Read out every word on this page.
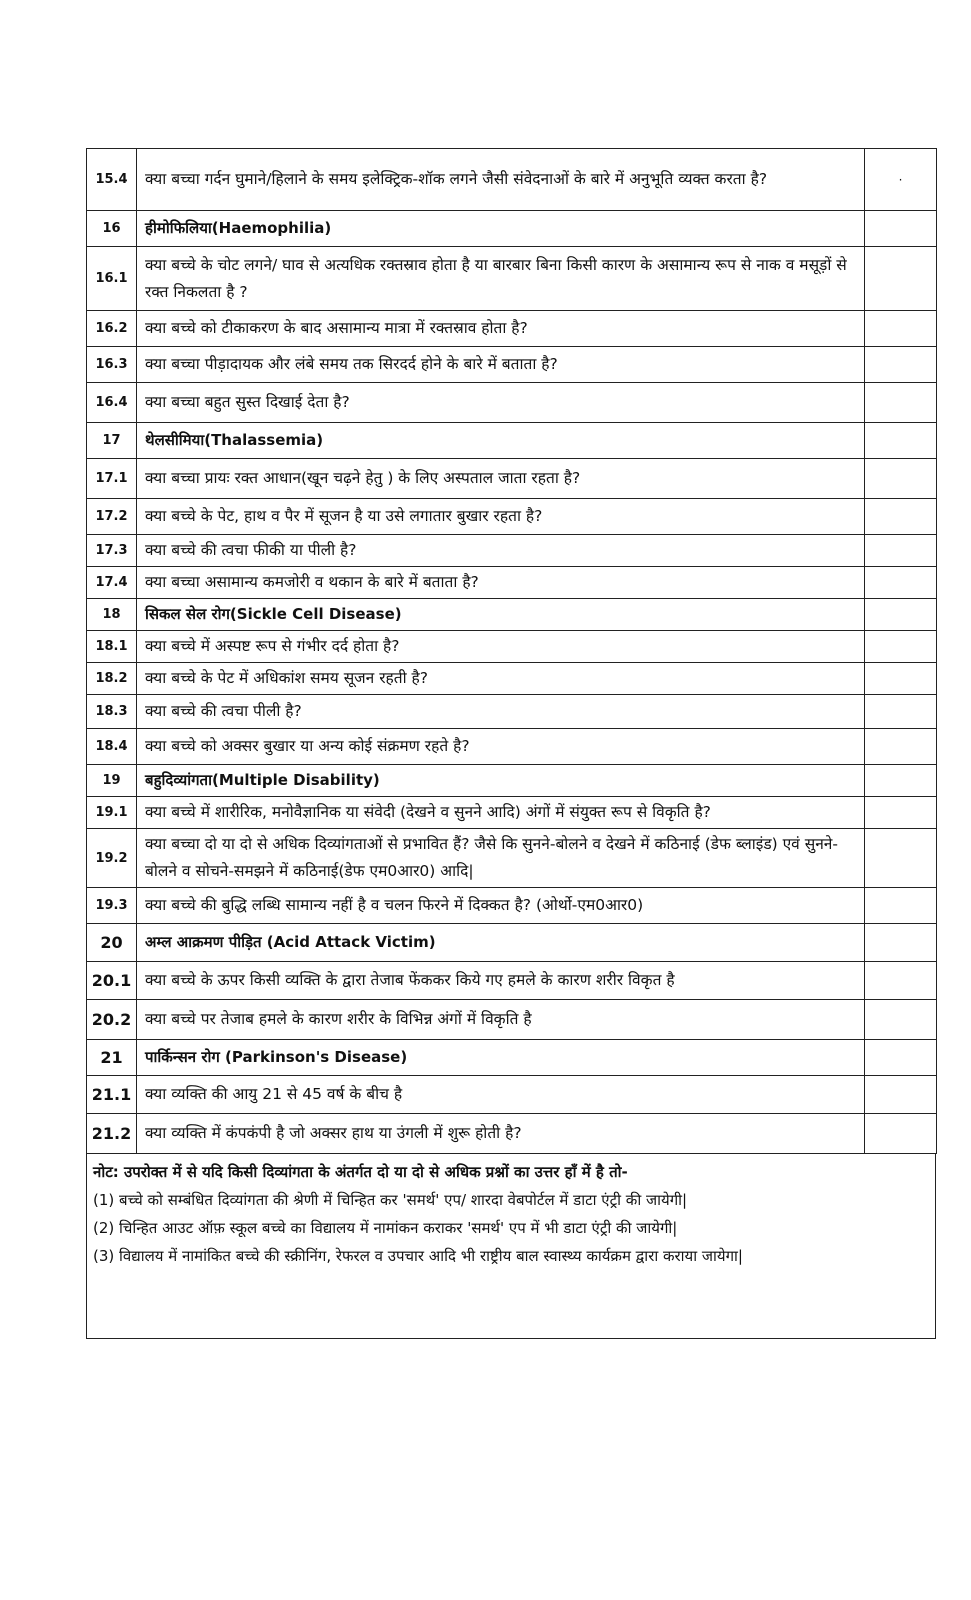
15.4	क्या बच्चा गर्दन घुमाने/हिलाने के समय इलेक्ट्रिक-शॉक लगने जैसी संवेदनाओं के बारे में अनुभूति व्यक्त करता है?	·
16	हीमोफिलिया(Haemophilia)	
16.1	क्या बच्चे के चोट लगने/ घाव से अत्यधिक रक्तस्राव होता है या बारबार बिना किसी कारण के असामान्य रूप से नाक व मसूड़ों से रक्त निकलता है ?	
16.2	क्या बच्चे को टीकाकरण के बाद असामान्य मात्रा में रक्तस्राव होता है?	
16.3	क्या बच्चा पीड़ादायक और लंबे समय तक सिरदर्द होने के बारे में बताता है?	
16.4	क्या बच्चा बहुत सुस्त दिखाई देता है?	
17	थेलसीमिया(Thalassemia)	
17.1	क्या बच्चा प्रायः रक्त आधान(खून चढ़ने हेतु ) के लिए अस्पताल जाता रहता है?	
17.2	क्या बच्चे के पेट, हाथ व पैर में सूजन है या उसे लगातार बुखार रहता है?	
17.3	क्या बच्चे की त्वचा फीकी या पीली है?	
17.4	क्या बच्चा असामान्य कमजोरी व थकान के बारे में बताता है?	
18	सिकल सेल रोग(Sickle Cell Disease)	
18.1	क्या बच्चे में अस्पष्ट रूप से गंभीर दर्द होता है?	
18.2	क्या बच्चे के पेट में अधिकांश समय सूजन रहती है?	
18.3	क्या बच्चे की त्वचा पीली है?	
18.4	क्या बच्चे को अक्सर बुखार या अन्य कोई संक्रमण रहते है?	
19	बहुदिव्यांगता(Multiple Disability)	
19.1	क्या बच्चे में शारीरिक, मनोवैज्ञानिक या संवेदी (देखने व सुनने आदि) अंगों में संयुक्त रूप से विकृति है?	
19.2	क्या बच्चा दो या दो से अधिक दिव्यांगताओं से प्रभावित हैं? जैसे कि सुनने-बोलने व देखने में कठिनाई (डेफ ब्लाइंड) एवं सुनने-बोलने व सोचने-समझने में कठिनाई(डेफ एम0आर0) आदि|	
19.3	क्या बच्चे की बुद्धि लब्धि सामान्य नहीं है व चलन फिरने में दिक्कत है? (ओर्थो-एम0आर0)	
20	अम्ल आक्रमण पीड़ित (Acid Attack Victim)	
20.1	क्या बच्चे के ऊपर किसी व्यक्ति के द्वारा तेजाब फेंककर किये गए हमले के कारण शरीर विकृत है	
20.2	क्या बच्चे पर तेजाब हमले के कारण शरीर के विभिन्न अंगों में विकृति है	
21	पार्किन्सन रोग (Parkinson's Disease)	
21.1	क्या व्यक्ति की आयु 21 से 45 वर्ष के बीच है	
21.2	क्या व्यक्ति में कंपकंपी है जो अक्सर हाथ या उंगली में शुरू होती है?	

नोट: उपरोक्त में से यदि किसी दिव्यांगता के अंतर्गत दो या दो से अधिक प्रश्नों का उत्तर हाँ में है तो-

(1) बच्चे को सम्बंधित दिव्यांगता की श्रेणी में चिन्हित कर 'समर्थ' एप/ शारदा वेबपोर्टल में डाटा एंट्री की जायेगी|

(2) चिन्हित आउट ऑफ़ स्कूल बच्चे का विद्यालय में नामांकन कराकर 'समर्थ' एप में भी डाटा एंट्री की जायेगी|

(3) विद्यालय में नामांकित बच्चे की स्क्रीनिंग, रेफरल व उपचार आदि भी राष्ट्रीय बाल स्वास्थ्य कार्यक्रम द्वारा कराया जायेगा|
